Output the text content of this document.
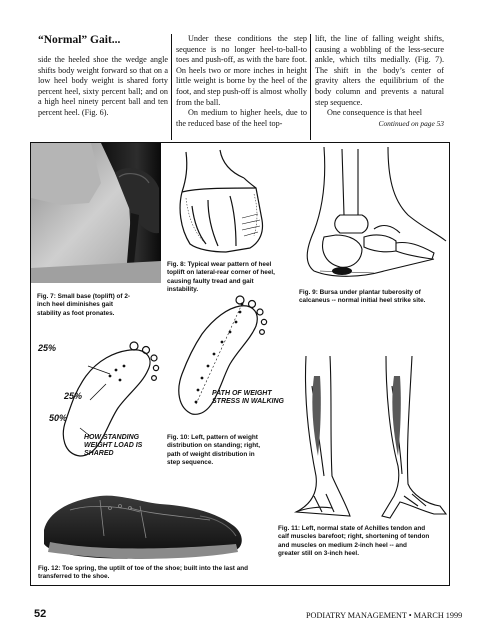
“Normal” Gait...

side the heeled shoe the wedge angle shifts body weight forward so that on a low heel body weight is shared forty percent heel, sixty percent ball; and on a high heel ninety percent ball and ten percent heel. (Fig. 6).

Under these conditions the step sequence is no longer heel-to-ball-to toes and push-off, as with the bare foot. On heels two or more inches in height little weight is borne by the heel of the foot, and step push-off is almost wholly from the ball.

On medium to higher heels, due to the reduced base of the heel top-

lift, the line of falling weight shifts, causing a wobbling of the less-secure ankle, which tilts medially. (Fig. 7). The shift in the body’s center of gravity alters the equilibrium of the body column and prevents a natural step sequence.

One consequence is that heel

Continued on page 53
Fig. 7: Small base (toplift) of 2-inch heel diminishes gait stability as foot pronates.
Fig. 8: Typical wear pattern of heel toplift on lateral-rear corner of heel, causing faulty tread and gait instability.	Fig. 9: Bursa under plantar tuberosity of calcaneus -- normal initial heel strike site.
25%
25%
50%
HOW STANDING WEIGHT LOAD IS SHARED
PATH OF WEIGHT STRESS IN WALKING
Fig. 10: Left, pattern of weight distribution on standing; right, path of weight distribution in step sequence.
Fig. 11: Left, normal state of Achilles tendon and calf muscles barefoot; right, shortening of tendon and muscles on medium 2-inch heel -- and greater still on 3-inch heel.
Fig. 12: Toe spring, the uptilt of toe of the shoe; built into the last and transferred to the shoe.
52	PODIATRY MANAGEMENT • MARCH 1999
